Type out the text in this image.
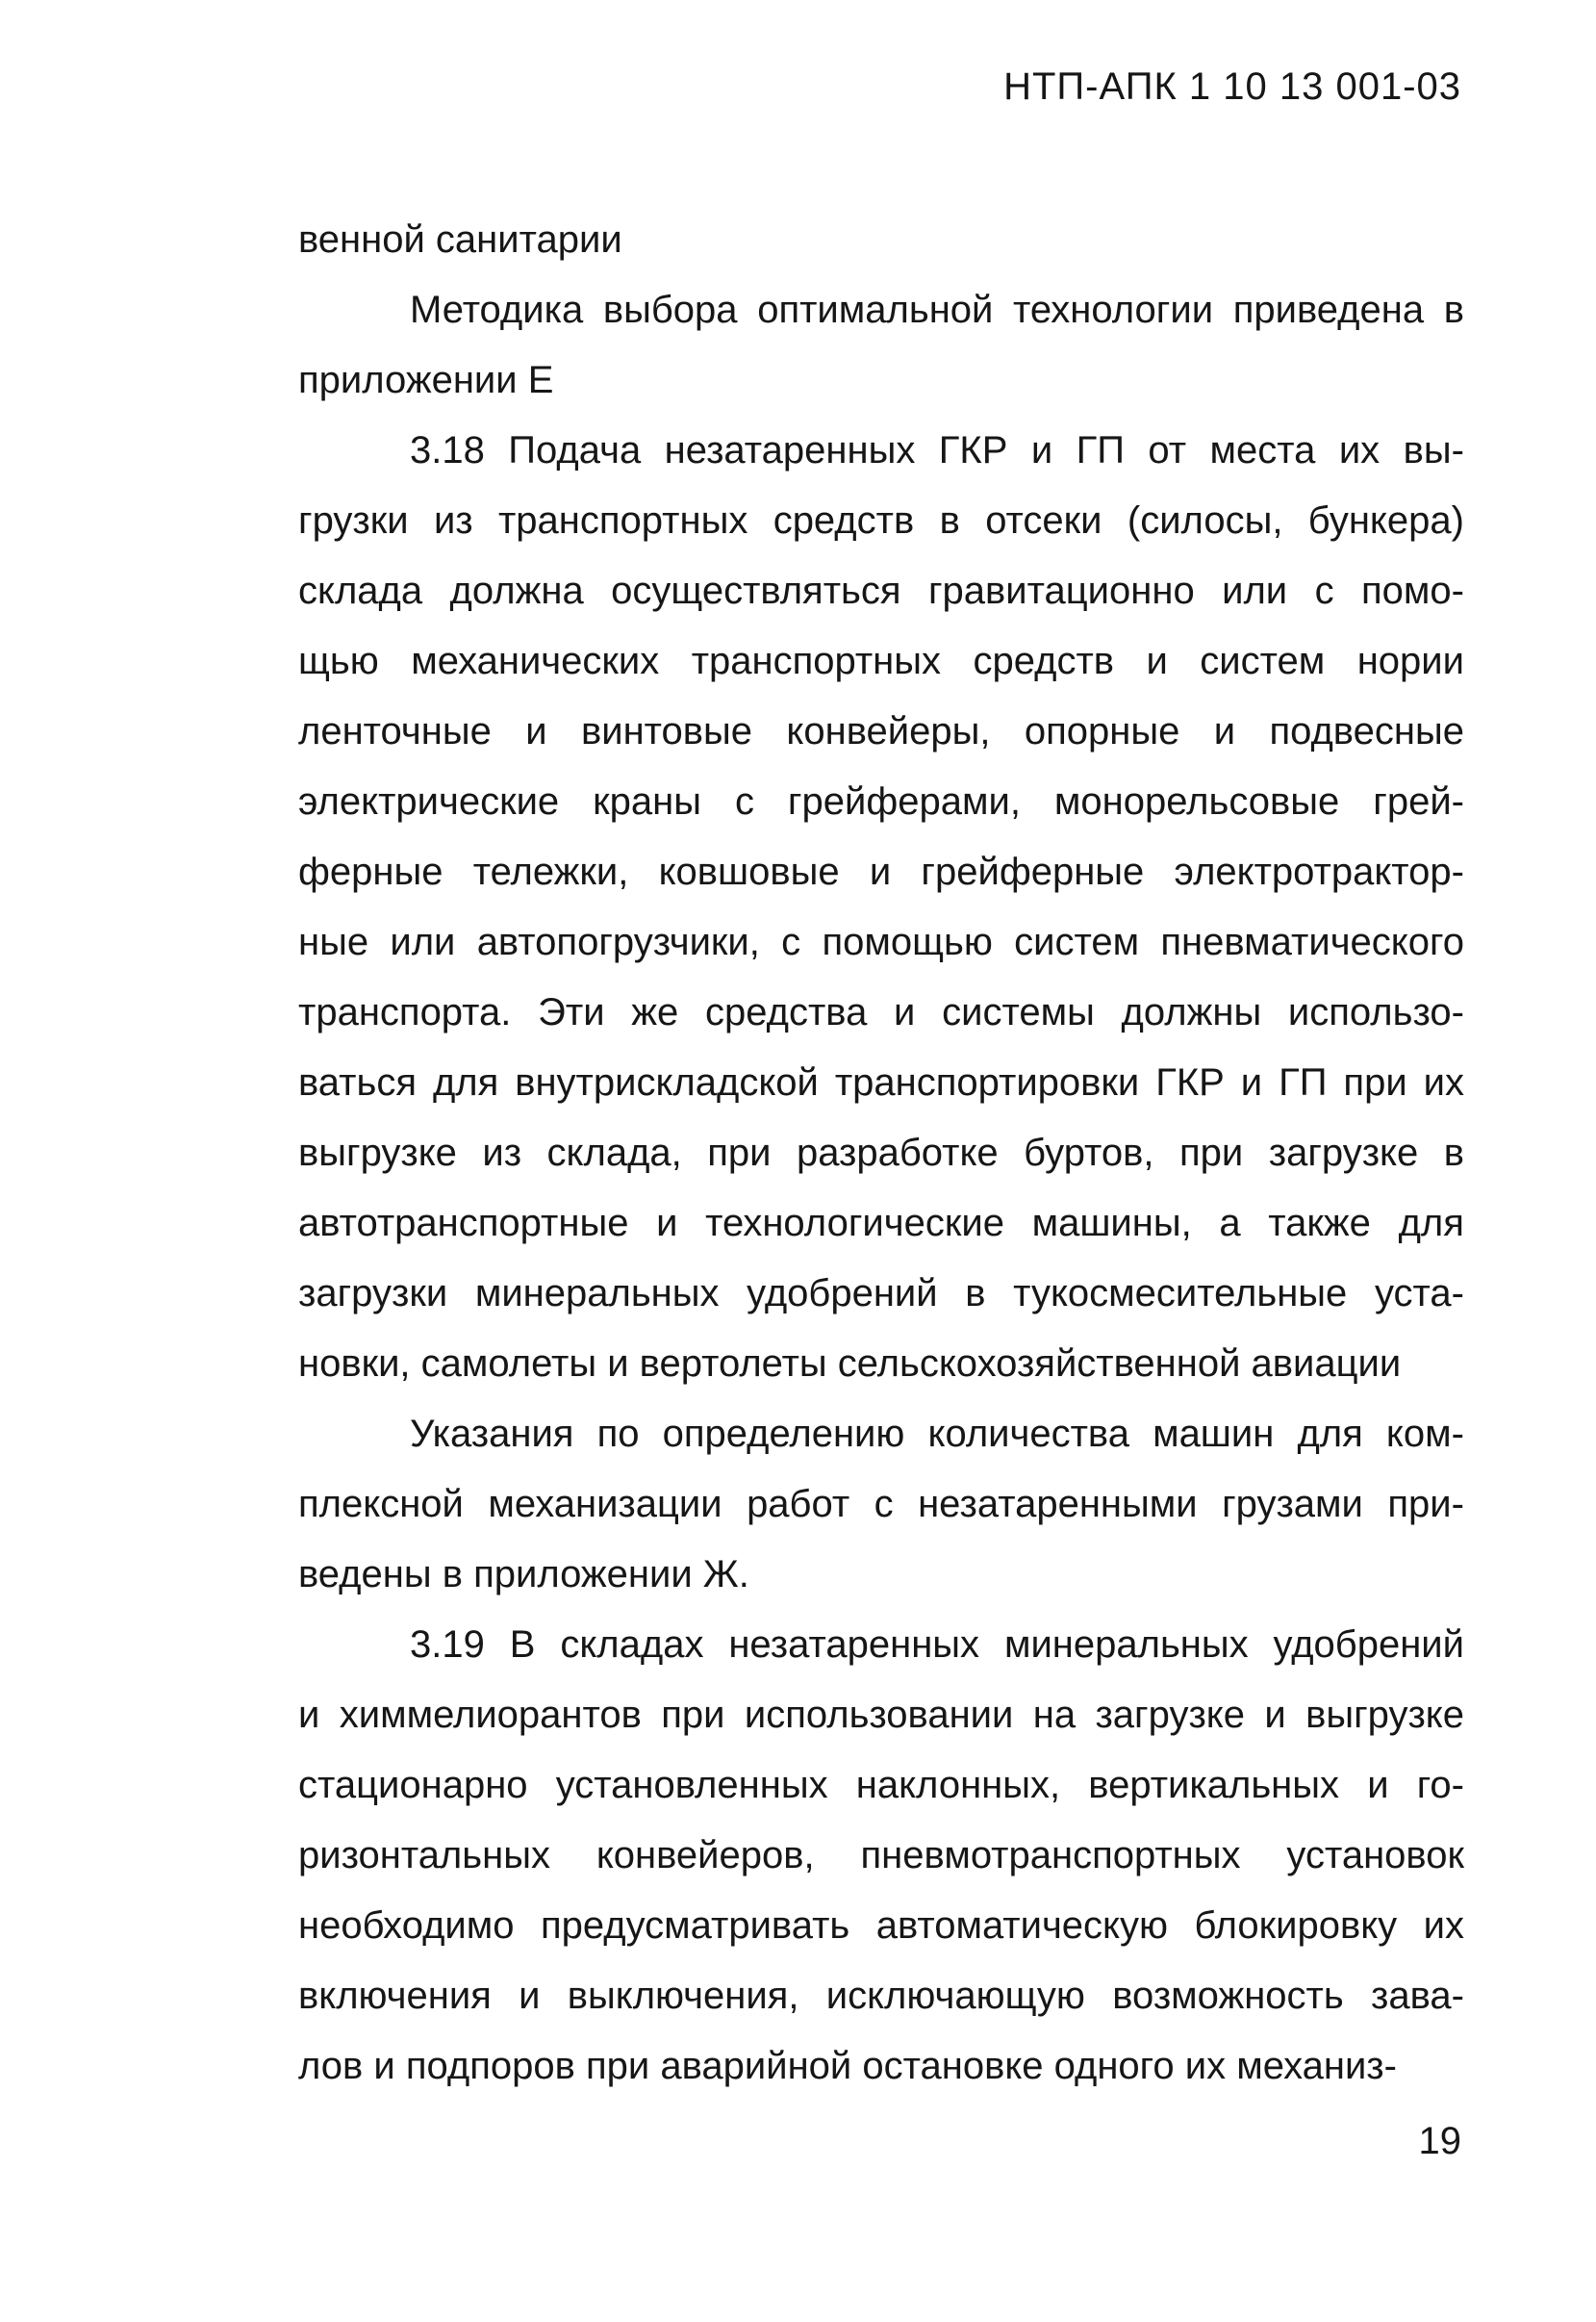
НТП-АПК 1 10 13 001-03
венной санитарии
Методика выбора оптимальной технологии приведена в
приложении Е
3.18 Подача незатаренных ГКР и ГП от места их вы-
грузки из транспортных средств в отсеки (силосы, бункера)
склада должна осуществляться гравитационно или с помо-
щью механических транспортных средств и систем нории
ленточные и винтовые конвейеры, опорные и подвесные
электрические краны с грейферами, монорельсовые грей-
ферные тележки, ковшовые и грейферные электротрактор-
ные или автопогрузчики, с помощью систем пневматического
транспорта. Эти же средства и системы должны использо-
ваться для внутрискладской транспортировки ГКР и ГП при их
выгрузке из склада, при разработке буртов, при загрузке в
автотранспортные и технологические машины, а также для
загрузки минеральных удобрений в тукосмесительные уста-
новки, самолеты и вертолеты сельскохозяйственной авиации
Указания по определению количества машин для ком-
плексной механизации работ с незатаренными грузами при-
ведены в приложении Ж.
3.19 В складах незатаренных минеральных удобрений
и химмелиорантов при использовании на загрузке и выгрузке
стационарно установленных наклонных, вертикальных и го-
ризонтальных конвейеров, пневмотранспортных установок
необходимо предусматривать автоматическую блокировку их
включения и выключения, исключающую возможность зава-
лов и подпоров при аварийной остановке одного их механиз-
19
